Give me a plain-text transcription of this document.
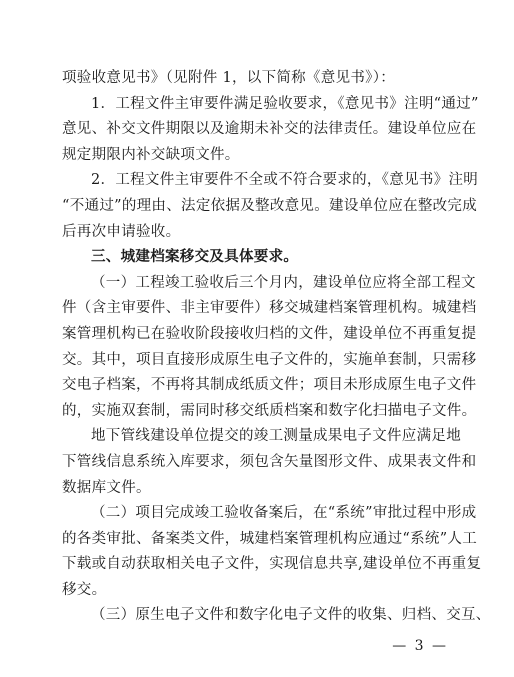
项验收意见书》（见附件 1，以下简称《意见书》）：
1．工程文件主审要件满足验收要求，《意见书》注明“通过”
意见、补交文件期限以及逾期未补交的法律责任。建设单位应在
规定期限内补交缺项文件。
2．工程文件主审要件不全或不符合要求的，《意见书》注明
“不通过”的理由、法定依据及整改意见。建设单位应在整改完成
后再次申请验收。
三、城建档案移交及具体要求。
（一）工程竣工验收后三个月内，建设单位应将全部工程文
件（含主审要件、非主审要件）移交城建档案管理机构。城建档
案管理机构已在验收阶段接收归档的文件，建设单位不再重复提
交。其中，项目直接形成原生电子文件的，实施单套制，只需移
交电子档案，不再将其制成纸质文件；项目未形成原生电子文件
的，实施双套制，需同时移交纸质档案和数字化扫描电子文件。
地下管线建设单位提交的竣工测量成果电子文件应满足地
下管线信息系统入库要求，须包含矢量图形文件、成果表文件和
数据库文件。
（二）项目完成竣工验收备案后，在“系统”审批过程中形成
的各类审批、备案类文件，城建档案管理机构应通过“系统”人工
下载或自动获取相关电子文件，实现信息共享,建设单位不再重复
移交。
（三）原生电子文件和数字化电子文件的收集、归档、交互、
— 3 —
